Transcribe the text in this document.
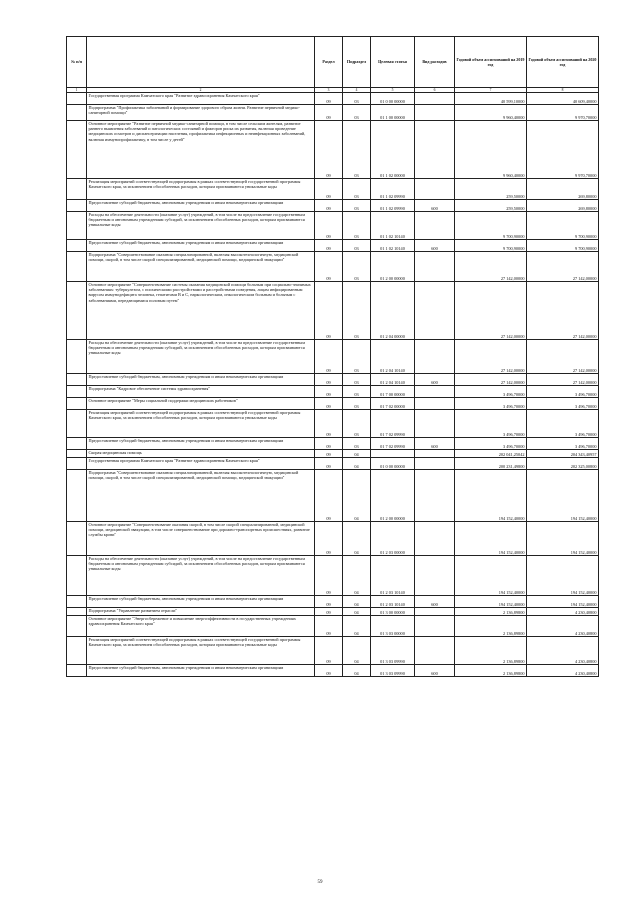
№ п/п		Раздел	Подраздел	Целевая статья	Вид расходов	Годовой объем ассигнований на 2019 год	Годовой объем ассигнований на 2020 год
1	2	3	4	5	6	7	8
	Государственная программа Камчатского края "Развитие здравоохранения Камчатского края"	09	03	01 0 00 00000		40 599,10000	40 609,40000
	Подпрограмма "Профилактика заболеваний и формирование здорового образа жизни. Развитие первичной медико-санитарной помощи"	09	03	01 1 00 00000		9 960,40000	9 970,70000
	Основное мероприятие "Развитие первичной медико-санитарной помощи, в том числе сельским жителям, развитие раннего выявления заболеваний и патологических состояний и факторов риска их развития, включая проведение медицинских осмотров и диспансеризации населения, профилактика инфекционных и неинфекционных заболеваний, включая иммунопрофилактику, в том числе у детей"	09	03	01 1 02 00000		9 960,40000	9 970,70000
	Реализация мероприятий соответствующей подпрограммы в рамках соответствующей государственной программы Камчатского края, за исключением обособленных расходов, которым присваиваются уникальные коды	09	03	01 1 02 09990		259,50000	269,80000
	Предоставление субсидий бюджетным, автономным учреждениям и иным некоммерческим организациям	09	03	01 1 02 09990	600	259,50000	269,80000
	Расходы на обеспечение деятельности (оказание услуг) учреждений, в том числе на предоставление государственным бюджетным и автономным учреждениям субсидий, за исключением обособленных расходов, которым присваиваются уникальные коды	09	03	01 1 02 10140		9 700,90000	9 700,90000
	Предоставление субсидий бюджетным, автономным учреждениям и иным некоммерческим организациям	09	03	01 1 02 10140	600	9 700,90000	9 700,90000
	Подпрограмма "Совершенствование оказания специализированной, включая высокотехнологичную, медицинской помощи, скорой, в том числе скорой специализированной, медицинской помощи, медицинской эвакуации"	09	03	01 2 00 00000		27 142,00000	27 142,00000
	Основное мероприятие "Совершенствование системы оказания медицинской помощи больным при социально-значимых заболеваниях: туберкулезом, с психическими расстройствами и расстройствами поведения, лицам инфицированным вирусом иммунодефицита человека, гепатитами B и C, наркологическим, онкологическим больным и больным с заболеваниями, передающимися половым путем"	09	03	01 2 04 00000		27 142,00000	27 142,00000
	Расходы на обеспечение деятельности (оказание услуг) учреждений, в том числе на предоставление государственным бюджетным и автономным учреждениям субсидий, за исключением обособленных расходов, которым присваиваются уникальные коды	09	03	01 2 04 10140		27 142,00000	27 142,00000
	Предоставление субсидий бюджетным, автономным учреждениям и иным некоммерческим организациям	09	03	01 2 04 10140	600	27 142,00000	27 142,00000
	Подпрограмма "Кадровое обеспечение системы здравоохранения"	09	03	01 7 00 00000		3 496,70000	3 496,70000
	Основное мероприятие "Меры социальной поддержки медицинских работников"	09	03	01 7 02 00000		3 496,70000	3 496,70000
	Реализация мероприятий соответствующей подпрограммы в рамках соответствующей государственной программы Камчатского края, за исключением обособленных расходов, которым присваиваются уникальные коды	09	03	01 7 02 09990		3 496,70000	3 496,70000
	Предоставление субсидий бюджетным, автономным учреждениям и иным некоммерческим организациям	09	03	01 7 02 09990	600	3 496,70000	3 496,70000
	Скорая медицинская помощь	09	04			202 041,25042	204 343,40957
	Государственная программа Камчатского края "Развитие здравоохранения Камчатского края"	09	04	01 0 00 00000		200 231,49800	202 325,00800
	Подпрограмма "Совершенствование оказания специализированной, включая высокотехнологичную, медицинской помощи, скорой, в том числе скорой специализированной, медицинской помощи, медицинской эвакуации"	09	04	01 2 00 00000		194 152,40000	194 152,40000
	Основное мероприятие "Совершенствование оказания скорой, в том числе скорой специализированной, медицинской помощи, медицинской эвакуации, в том числе совершенствование при дорожно-транспортных происшествиях, развитие службы крови"	09	04	01 2 03 00000		194 152,40000	194 152,40000
	Расходы на обеспечение деятельности (оказание услуг) учреждений, в том числе на предоставление государственным бюджетным и автономным учреждениям субсидий, за исключением обособленных расходов, которым присваиваются уникальные коды	09	04	01 2 03 10140		194 152,40000	194 152,40000
	Предоставление субсидий бюджетным, автономным учреждениям и иным некоммерческим организациям	09	04	01 2 03 10140	600	194 152,40000	194 152,40000
	Подпрограмма "Управление развитием отрасли"	09	04	01 3 00 00000		2 136,89800	4 230,40800
	Основное мероприятие "Энергосбережение и повышение энергоэффективности в государственных учреждениях здравоохранения Камчатского края"	09	04	01 3 03 00000		2 136,89800	4 230,40800
	Реализация мероприятий соответствующей подпрограммы в рамках соответствующей государственной программы Камчатского края, за исключением обособленных расходов, которым присваиваются уникальные коды	09	04	01 3 03 09990		2 136,89800	4 230,40800
	Предоставление субсидий бюджетным, автономным учреждениям и иным некоммерческим организациям	09	04	01 3 03 09990	600	2 136,89800	4 230,40800
59
